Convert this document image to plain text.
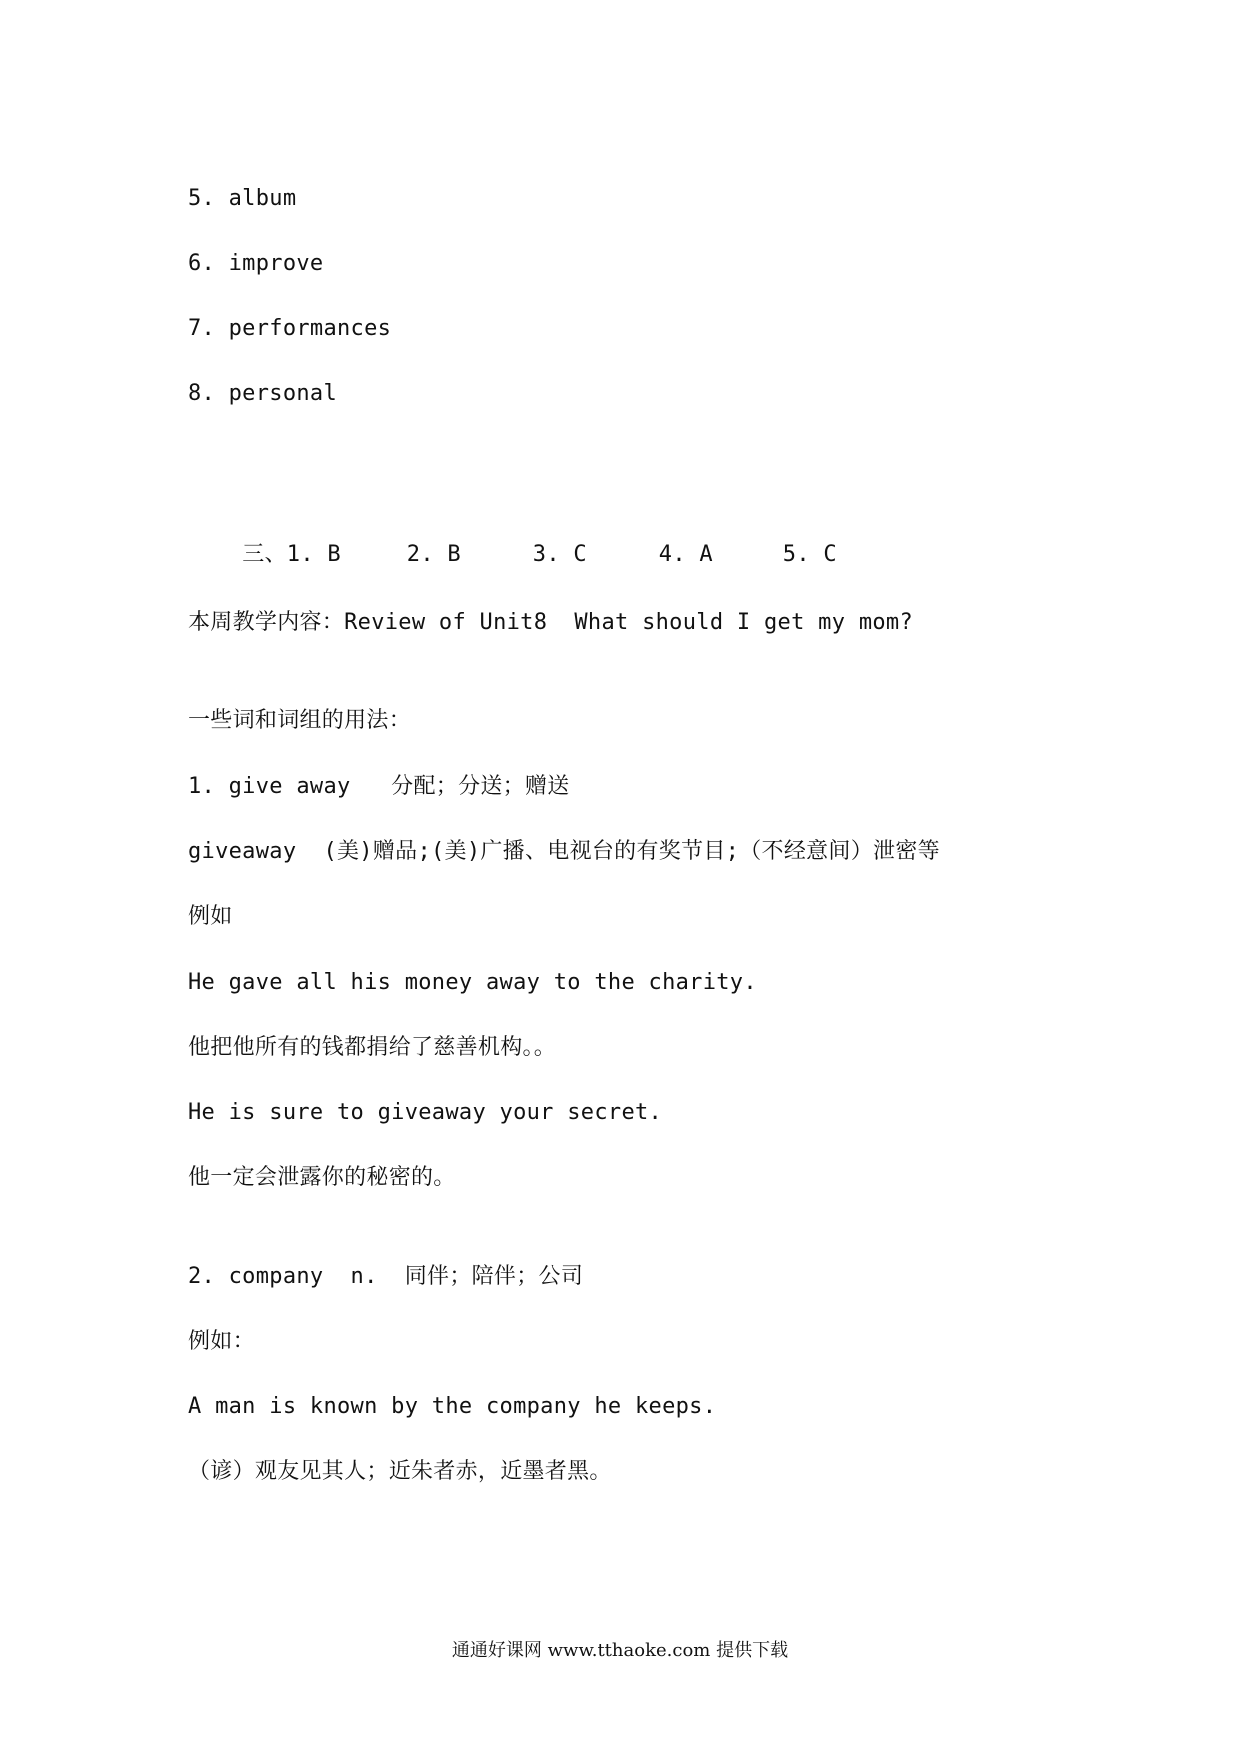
5. album
6. improve
7. performances
8. personal

三、1. B	2. B	3. C	4. A	5. C

本周教学内容：Review of Unit8  What should I get my mom?
一些词和词组的用法：
1. give away   分配；分送；赠送
giveaway  (美)赠品;(美)广播、电视台的有奖节目;（不经意间）泄密等
例如
He gave all his money away to the charity.
他把他所有的钱都捐给了慈善机构。。
He is sure to giveaway your secret.
他一定会泄露你的秘密的。
2. company  n.  同伴；陪伴；公司
例如：
A man is known by the company he keeps.
（谚）观友见其人；近朱者赤，近墨者黑。
通通好课网 www.tthaoke.com 提供下载
